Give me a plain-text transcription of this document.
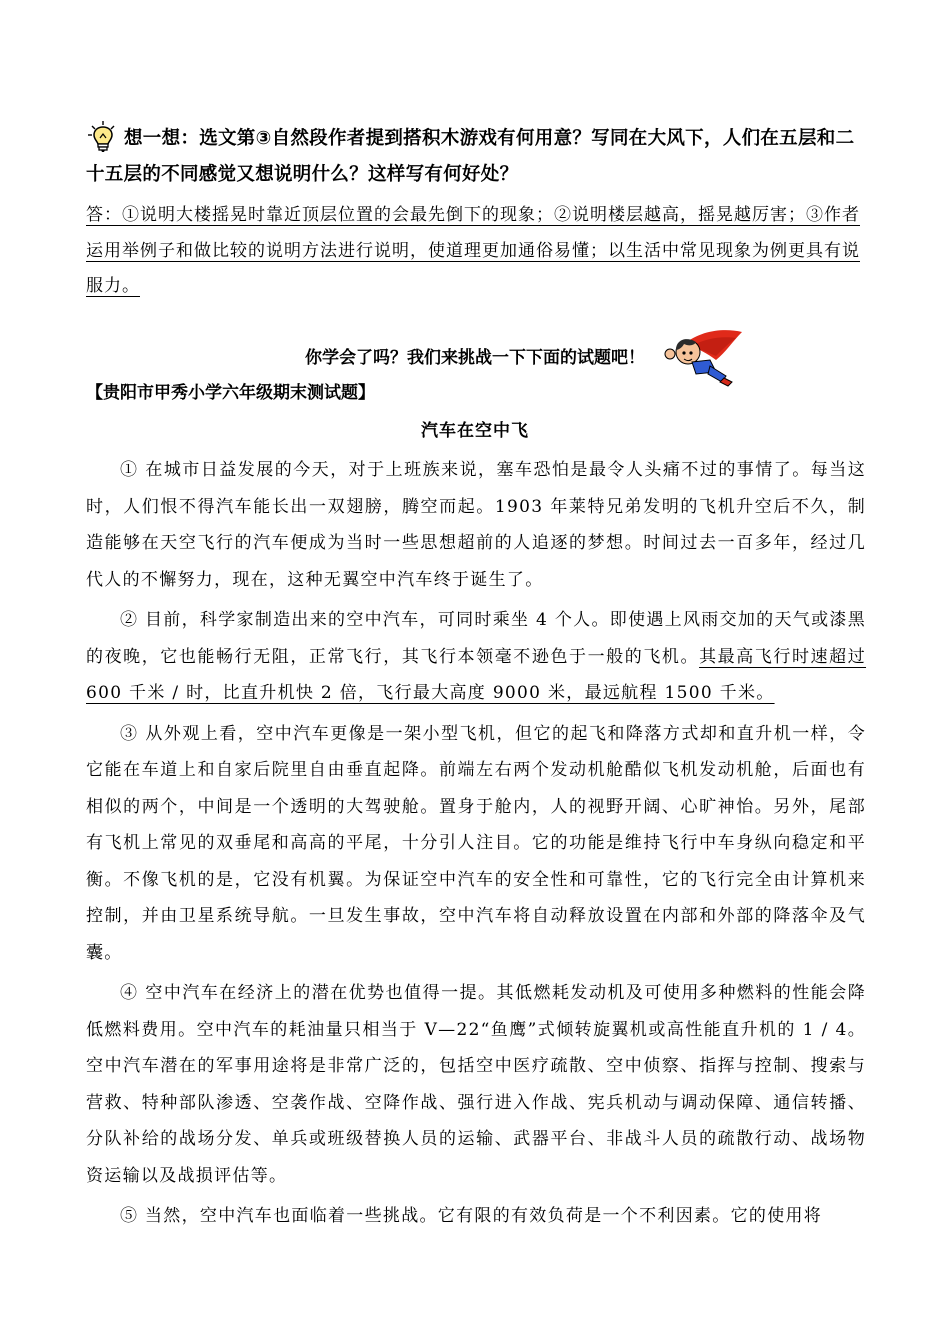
想一想：选文第③自然段作者提到搭积木游戏有何用意？写同在大风下，人们在五层和二十五层的不同感觉又想说明什么？这样写有何好处？
答：①说明大楼摇晃时靠近顶层位置的会最先倒下的现象；②说明楼层越高，摇晃越厉害；③作者运用举例子和做比较的说明方法进行说明，使道理更加通俗易懂；以生活中常见现象为例更具有说服力。
你学会了吗？我们来挑战一下下面的试题吧！
【贵阳市甲秀小学六年级期末测试题】
汽车在空中飞

① 在城市日益发展的今天，对于上班族来说，塞车恐怕是最令人头痛不过的事情了。每当这时，人们恨不得汽车能长出一双翅膀，腾空而起。1903 年莱特兄弟发明的飞机升空后不久，制造能够在天空飞行的汽车便成为当时一些思想超前的人追逐的梦想。时间过去一百多年，经过几代人的不懈努力，现在，这种无翼空中汽车终于诞生了。

② 目前，科学家制造出来的空中汽车，可同时乘坐 4 个人。即使遇上风雨交加的天气或漆黑的夜晚，它也能畅行无阻，正常飞行，其飞行本领毫不逊色于一般的飞机。其最高飞行时速超过 600 千米 / 时，比直升机快 2 倍，飞行最大高度 9000 米，最远航程 1500 千米。

③ 从外观上看，空中汽车更像是一架小型飞机，但它的起飞和降落方式却和直升机一样，令它能在车道上和自家后院里自由垂直起降。前端左右两个发动机舱酷似飞机发动机舱，后面也有相似的两个，中间是一个透明的大驾驶舱。置身于舱内，人的视野开阔、心旷神怡。另外，尾部有飞机上常见的双垂尾和高高的平尾，十分引人注目。它的功能是维持飞行中车身纵向稳定和平衡。不像飞机的是，它没有机翼。为保证空中汽车的安全性和可靠性，它的飞行完全由计算机来控制，并由卫星系统导航。一旦发生事故，空中汽车将自动释放设置在内部和外部的降落伞及气囊。

④ 空中汽车在经济上的潜在优势也值得一提。其低燃耗发动机及可使用多种燃料的性能会降低燃料费用。空中汽车的耗油量只相当于 V—22“鱼鹰”式倾转旋翼机或高性能直升机的 1 / 4。空中汽车潜在的军事用途将是非常广泛的，包括空中医疗疏散、空中侦察、指挥与控制、搜索与营救、特种部队渗透、空袭作战、空降作战、强行进入作战、宪兵机动与调动保障、通信转播、分队补给的战场分发、单兵或班级替换人员的运输、武器平台、非战斗人员的疏散行动、战场物资运输以及战损评估等。

⑤ 当然，空中汽车也面临着一些挑战。它有限的有效负荷是一个不利因素。它的使用将
